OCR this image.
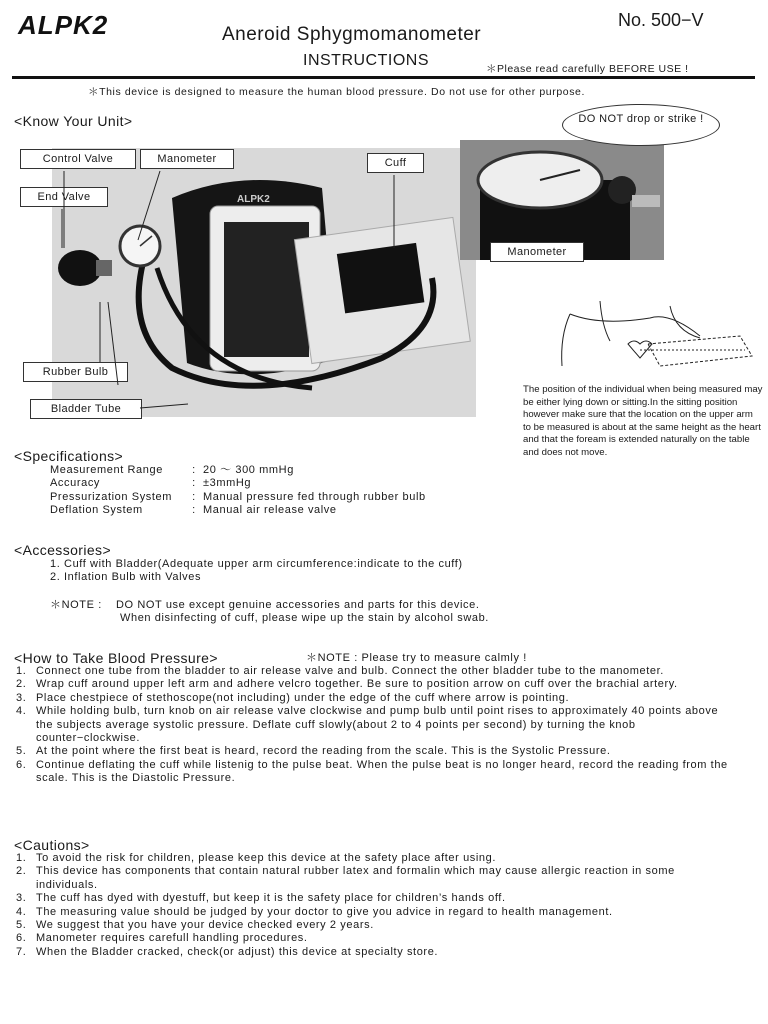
ALPK2	Aneroid Sphygmomanometer
INSTRUCTIONS
No. 500−V
＊Please read carefully BEFORE USE !
＊This device is designed to measure the human blood pressure. Do not use for other purpose.
<Know Your Unit>
ALPK2
Control Valve	Manometer	Cuff
End Valve
Rubber Bulb
Bladder Tube
Manometer
DO NOT drop or strike !
The position of the individual when being measured may be either lying down or sitting.In the sitting position however make sure that the location on the upper arm to be measured is about at the same height as the heart and that the foream is extended naturally on the table and does not move.
<Specifications>
Measurement Range	: 20 〜 300 mmHg
Accuracy	: ±3mmHg
Pressurization System	: Manual pressure fed through rubber bulb
Deflation System	: Manual air release valve
<Accessories>
1. Cuff with Bladder(Adequate upper arm circumference:indicate to the cuff)
2. Inflation Bulb with Valves
＊NOTE :	DO NOT use except genuine accessories and parts for this device.
When disinfecting of cuff, please wipe up the stain by alcohol swab.
<How to Take Blood Pressure>	＊NOTE : Please try to measure calmly !
1. Connect one tube from the bladder to air release valve and bulb. Connect the other bladder tube to the manometer.
2. Wrap cuff around upper left arm and adhere velcro together. Be sure to position arrow on cuff over the brachial artery.
3. Place chestpiece of stethoscope(not including) under the edge of the cuff where arrow is pointing.
4. While holding bulb, turn knob on air release valve clockwise and pump bulb until point rises to approximately 40 points above the subjects average systolic pressure. Deflate cuff slowly(about 2 to 4 points per second) by turning the knob counter−clockwise.
5. At the point where the first beat is heard, record the reading from the scale. This is the Systolic Pressure.
6. Continue deflating the cuff while listenig to the pulse beat. When the pulse beat is no longer heard, record the reading from the scale. This is the Diastolic Pressure.
<Cautions>
1. To avoid the risk for children, please keep this device at the safety place after using.
2. This device has components that contain natural rubber latex and formalin which may cause allergic reaction in some individuals.
3. The cuff has dyed with dyestuff, but keep it is the safety place for children’s hands off.
4. The measuring value should be judged by your doctor to give you advice in regard to health management.
5. We suggest that you have your device checked every 2 years.
6. Manometer requires carefull handling procedures.
7. When the Bladder cracked, check(or adjust) this device at specialty store.
